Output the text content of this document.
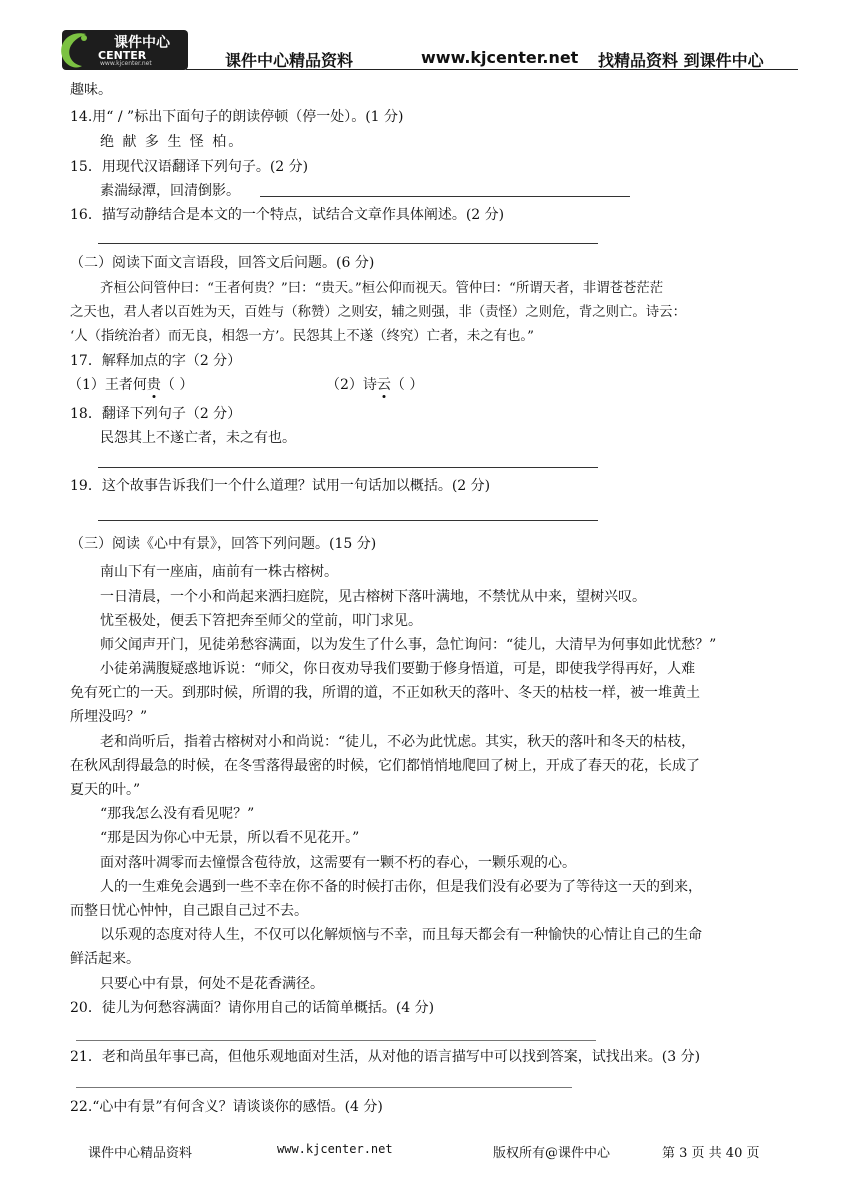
课件中心
CENTER
www.kjcenter.net	课件中心精品资料	www.kjcenter.net 找精品资料 到课件中心
趣味。
14.用“ / ”标出下面句子的朗读停顿（停一处）。(1 分)
绝 献 多 生 怪 柏。
15．用现代汉语翻译下列句子。(2 分)
素湍绿潭，回清倒影。
16．描写动静结合是本文的一个特点，试结合文章作具体阐述。(2 分)
（二）阅读下面文言语段，回答文后问题。(6 分)
齐桓公问管仲曰：“王者何贵？”曰：“贵天。”桓公仰而视天。管仲曰：“所谓天者，非谓苍苍茫茫
之天也，君人者以百姓为天，百姓与（称赞）之则安，辅之则强，非（责怪）之则危，背之则亡。诗云：
‘人（指统治者）而无良，相怨一方’。民怨其上不遂（终究）亡者，未之有也。”
17．解释加点的字（2 分）
（1）王者何贵（ ）	（2）诗云（ ）
18．翻译下列句子（2 分）
民怨其上不遂亡者，未之有也。
19．这个故事告诉我们一个什么道理？试用一句话加以概括。(2 分)
（三）阅读《心中有景》，回答下列问题。(15 分)
南山下有一座庙，庙前有一株古榕树。
一日清晨，一个小和尚起来洒扫庭院，见古榕树下落叶满地，不禁忧从中来，望树兴叹。
忧至极处，便丢下笤把奔至师父的堂前，叩门求见。
师父闻声开门，见徒弟愁容满面，以为发生了什么事，急忙询问：“徒儿，大清早为何事如此忧愁？”
小徒弟满腹疑惑地诉说：“师父，你日夜劝导我们要勤于修身悟道，可是，即使我学得再好，人难
免有死亡的一天。到那时候，所谓的我，所谓的道，不正如秋天的落叶、冬天的枯枝一样，被一堆黄土
所埋没吗？”
老和尚听后，指着古榕树对小和尚说：“徒儿，不必为此忧虑。其实，秋天的落叶和冬天的枯枝，
在秋风刮得最急的时候，在冬雪落得最密的时候，它们都悄悄地爬回了树上，开成了春天的花，长成了
夏天的叶。”
“那我怎么没有看见呢？”
“那是因为你心中无景，所以看不见花开。”
面对落叶凋零而去憧憬含苞待放，这需要有一颗不朽的春心，一颗乐观的心。
人的一生难免会遇到一些不幸在你不备的时候打击你，但是我们没有必要为了等待这一天的到来，
而整日忧心忡忡，自己跟自己过不去。
以乐观的态度对待人生，不仅可以化解烦恼与不幸，而且每天都会有一种愉快的心情让自己的生命
鲜活起来。
只要心中有景，何处不是花香满径。
20．徒儿为何愁容满面？请你用自己的话简单概括。(4 分)
21．老和尚虽年事已高，但他乐观地面对生活，从对他的语言描写中可以找到答案，试找出来。(3 分)
22.“心中有景”有何含义？请谈谈你的感悟。(4 分)
课件中心精品资料	www.kjcenter.net	版权所有@课件中心	第 3 页 共 40 页
